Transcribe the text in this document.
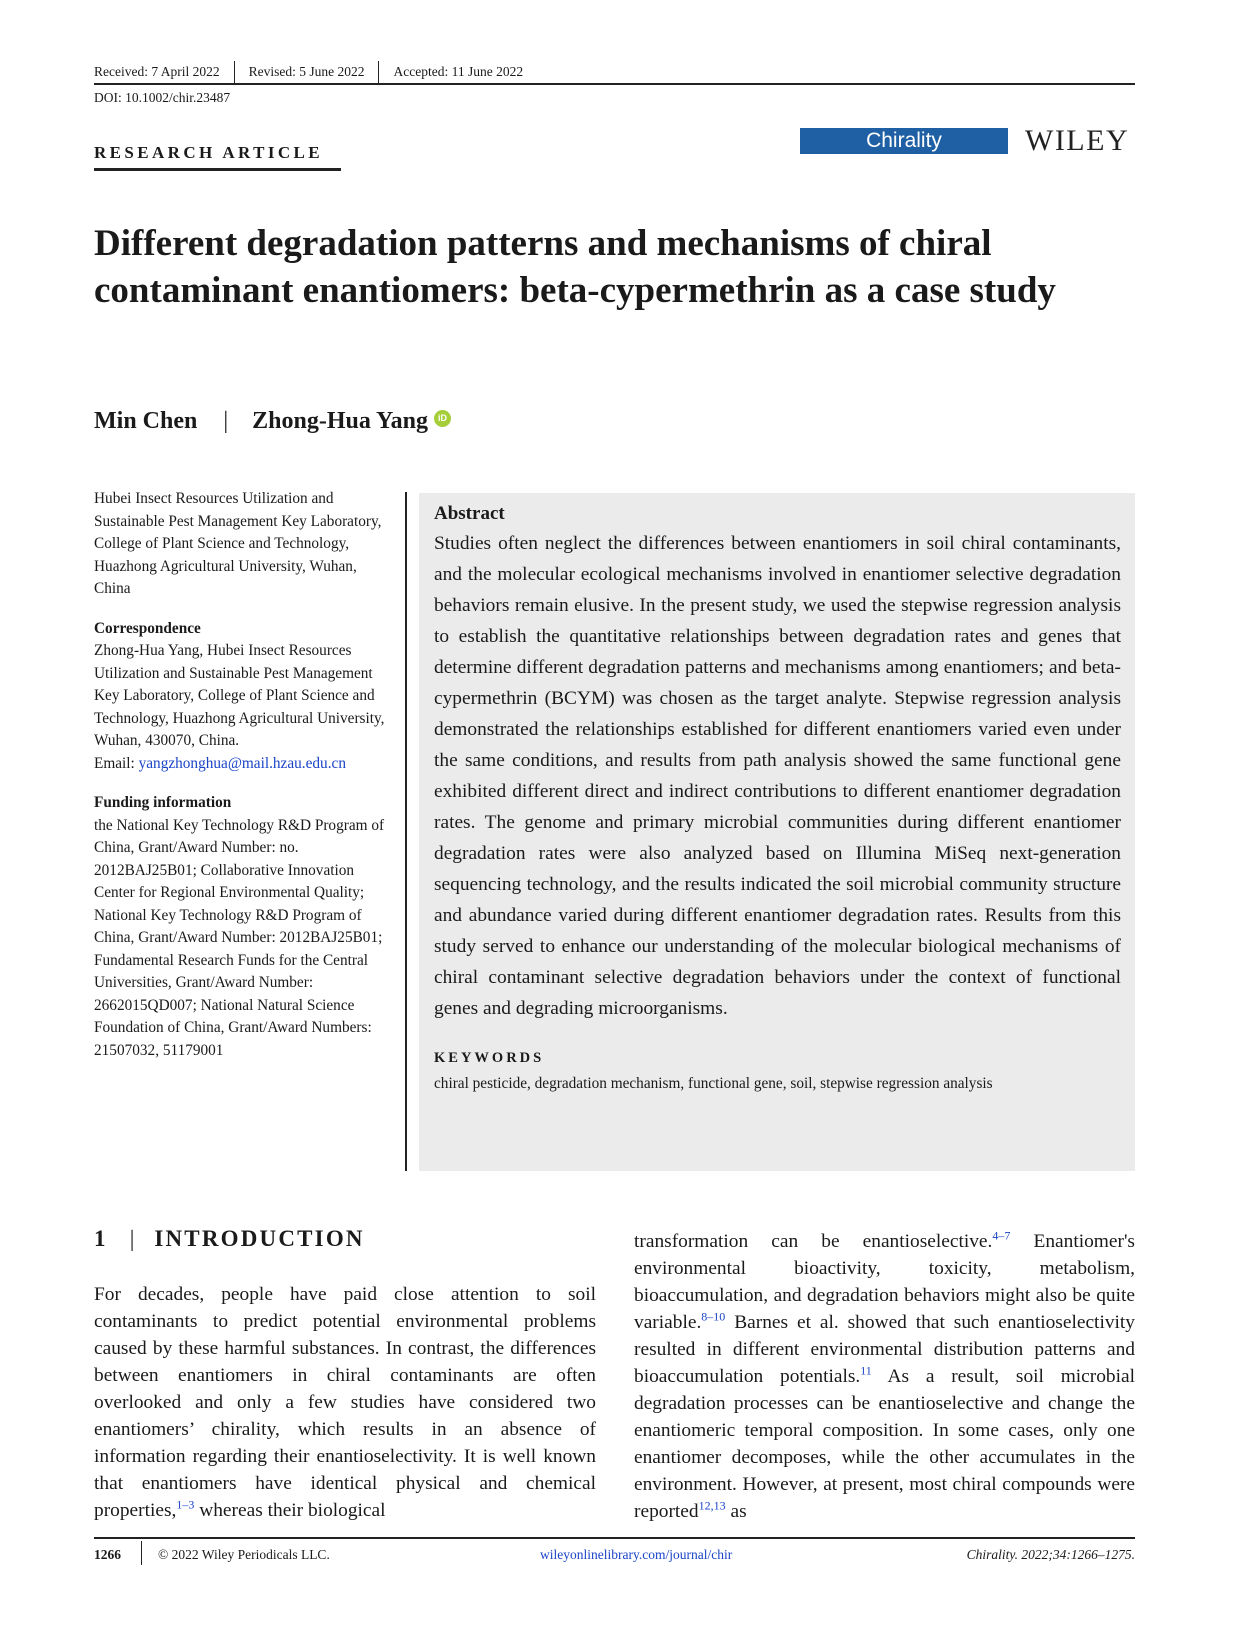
Received: 7 April 2022 Revised: 5 June 2022 Accepted: 11 June 2022
DOI: 10.1002/chir.23487
RESEARCH ARTICLE
Chirality	WILEY
Different degradation patterns and mechanisms of chiral contaminant enantiomers: beta-cypermethrin as a case study
Min Chen | Zhong-Hua Yang	iD
Hubei Insect Resources Utilization and Sustainable Pest Management Key Laboratory, College of Plant Science and Technology, Huazhong Agricultural University, Wuhan, China
Correspondence
Zhong-Hua Yang, Hubei Insect Resources Utilization and Sustainable Pest Management Key Laboratory, College of Plant Science and Technology, Huazhong Agricultural University, Wuhan, 430070, China.
Email: yangzhonghua@mail.hzau.edu.cn
Funding information
the National Key Technology R&D Program of China, Grant/Award Number: no. 2012BAJ25B01; Collaborative Innovation Center for Regional Environmental Quality; National Key Technology R&D Program of China, Grant/Award Number: 2012BAJ25B01; Fundamental Research Funds for the Central Universities, Grant/Award Number: 2662015QD007; National Natural Science Foundation of China, Grant/Award Numbers: 21507032, 51179001
Abstract
Studies often neglect the differences between enantiomers in soil chiral contaminants, and the molecular ecological mechanisms involved in enantiomer selective degradation behaviors remain elusive. In the present study, we used the stepwise regression analysis to establish the quantitative relationships between degradation rates and genes that determine different degradation patterns and mechanisms among enantiomers; and beta-cypermethrin (BCYM) was chosen as the target analyte. Stepwise regression analysis demonstrated the relationships established for different enantiomers varied even under the same conditions, and results from path analysis showed the same functional gene exhibited different direct and indirect contributions to different enantiomer degradation rates. The genome and primary microbial communities during different enantiomer degradation rates were also analyzed based on Illumina MiSeq next-generation sequencing technology, and the results indicated the soil microbial community structure and abundance varied during different enantiomer degradation rates. Results from this study served to enhance our understanding of the molecular biological mechanisms of chiral contaminant selective degradation behaviors under the context of functional genes and degrading microorganisms.
KEYWORDS
chiral pesticide, degradation mechanism, functional gene, soil, stepwise regression analysis
1 | INTRODUCTION
For decades, people have paid close attention to soil contaminants to predict potential environmental problems caused by these harmful substances. In contrast, the differences between enantiomers in chiral contaminants are often overlooked and only a few studies have considered two enantiomers’ chirality, which results in an absence of information regarding their enantioselectivity. It is well known that enantiomers have identical physical and chemical properties,$^{1-3}$ whereas their biological
transformation can be enantioselective.$^{4-7}$ Enantiomer's environmental bioactivity, toxicity, metabolism, bioaccumulation, and degradation behaviors might also be quite variable.$^{8-10}$ Barnes et al. showed that such enantioselectivity resulted in different environmental distribution patterns and bioaccumulation potentials.$^{11}$ As a result, soil microbial degradation processes can be enantioselective and change the enantiomeric temporal composition. In some cases, only one enantiomer decomposes, while the other accumulates in the environment. However, at present, most chiral compounds were reported$^{12,13}$ as
1266	© 2022 Wiley Periodicals LLC.	wileyonlinelibrary.com/journal/chir	Chirality. 2022;34:1266–1275.
